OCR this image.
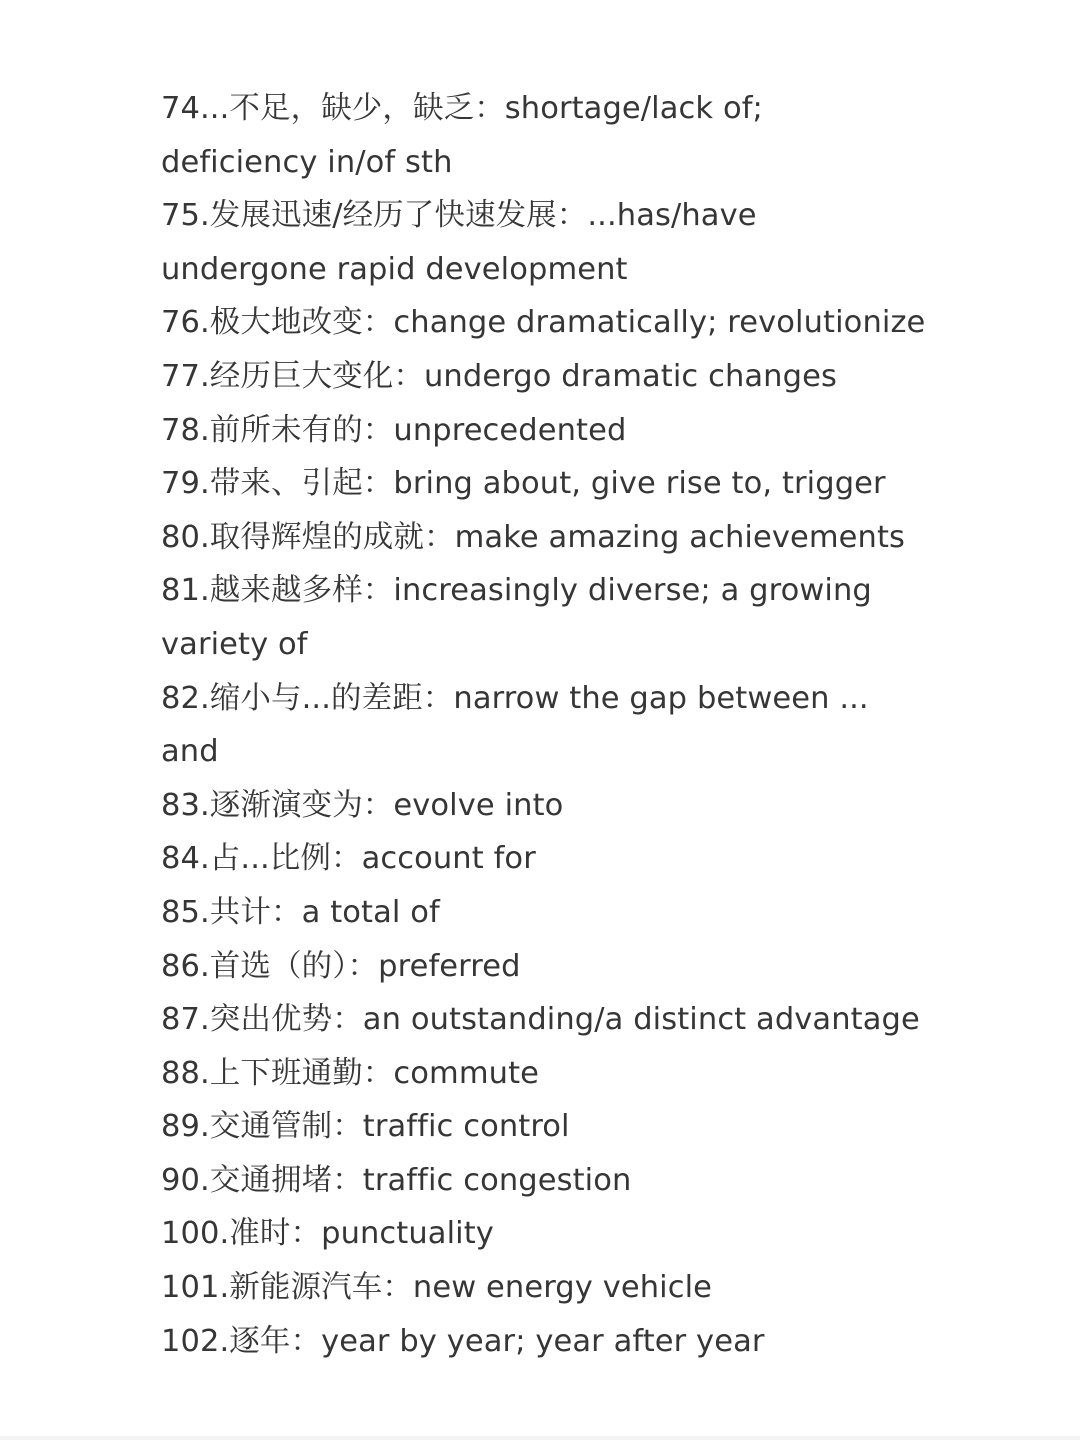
74...不足，缺少，缺乏：shortage/lack of;
deficiency in/of sth
75.发展迅速/经历了快速发展：...has/have
undergone rapid development
76.极大地改变：change dramatically; revolutionize
77.经历巨大变化：undergo dramatic changes
78.前所未有的：unprecedented
79.带来、引起：bring about, give rise to, trigger
80.取得辉煌的成就：make amazing achievements
81.越来越多样：increasingly diverse; a growing
variety of
82.缩小与...的差距：narrow the gap between ...
and
83.逐渐演变为：evolve into
84.占...比例：account for
85.共计：a total of
86.首选（的）：preferred
87.突出优势：an outstanding/a distinct advantage
88.上下班通勤：commute
89.交通管制：traffic control
90.交通拥堵：traffic congestion
100.准时：punctuality
101.新能源汽车：new energy vehicle
102.逐年：year by year; year after year
